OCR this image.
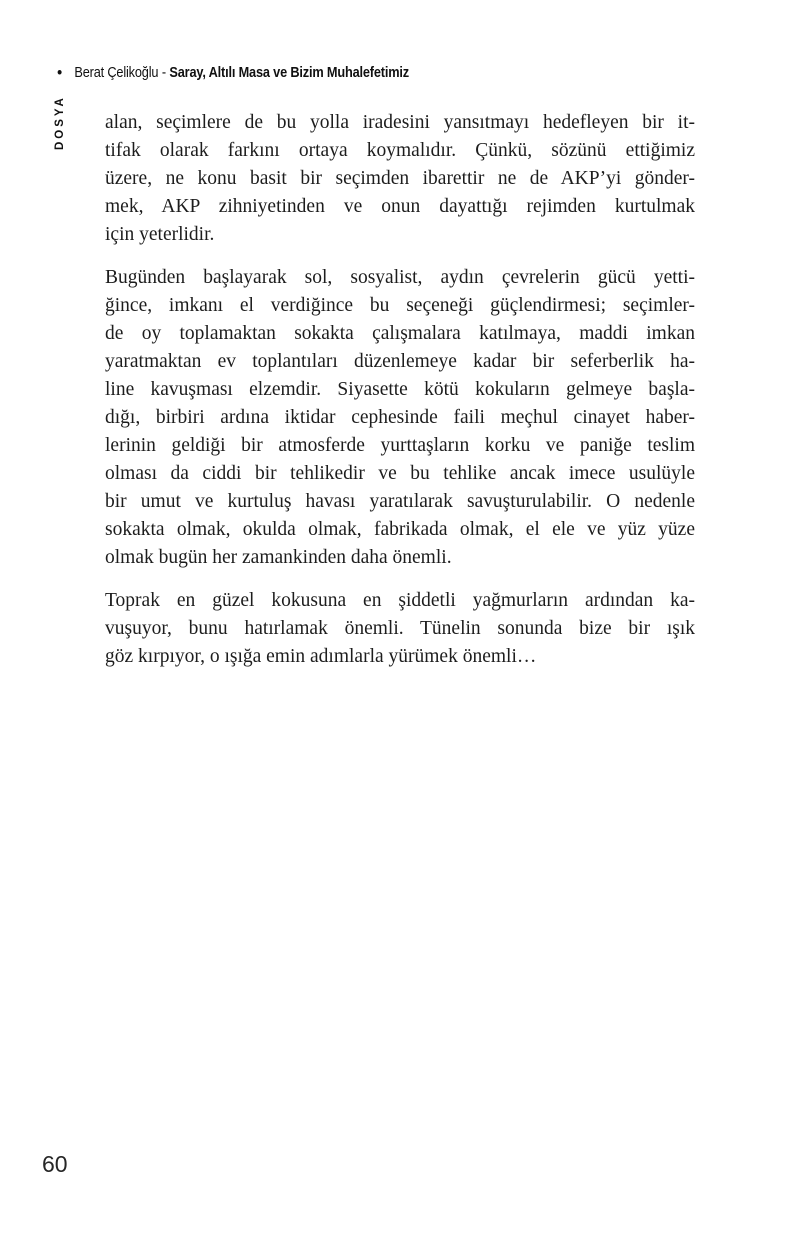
• Berat Çelikoğlu - Saray, Altılı Masa ve Bizim Muhalefetimiz
DOSYA alan, seçimlere de bu yolla iradesini yansıtmayı hedefleyen bir it-
tifak olarak farkını ortaya koymalıdır. Çünkü, sözünü ettiğimiz
üzere, ne konu basit bir seçimden ibarettir ne de AKP’yi gönder-
mek, AKP zihniyetinden ve onun dayattığı rejimden kurtulmak
için yeterlidir.
Bugünden başlayarak sol, sosyalist, aydın çevrelerin gücü yetti-
ğince, imkanı el verdiğince bu seçeneği güçlendirmesi; seçimler-
de oy toplamaktan sokakta çalışmalara katılmaya, maddi imkan
yaratmaktan ev toplantıları düzenlemeye kadar bir seferberlik ha-
line kavuşması elzemdir. Siyasette kötü kokuların gelmeye başla-
dığı, birbiri ardına iktidar cephesinde faili meçhul cinayet haber-
lerinin geldiği bir atmosferde yurttaşların korku ve paniğe teslim
olması da ciddi bir tehlikedir ve bu tehlike ancak imece usulüyle
bir umut ve kurtuluş havası yaratılarak savuşturulabilir. O nedenle
sokakta olmak, okulda olmak, fabrikada olmak, el ele ve yüz yüze
olmak bugün her zamankinden daha önemli.
Toprak en güzel kokusuna en şiddetli yağmurların ardından ka-
vuşuyor, bunu hatırlamak önemli. Tünelin sonunda bize bir ışık
göz kırpıyor, o ışığa emin adımlarla yürümek önemli…
60
